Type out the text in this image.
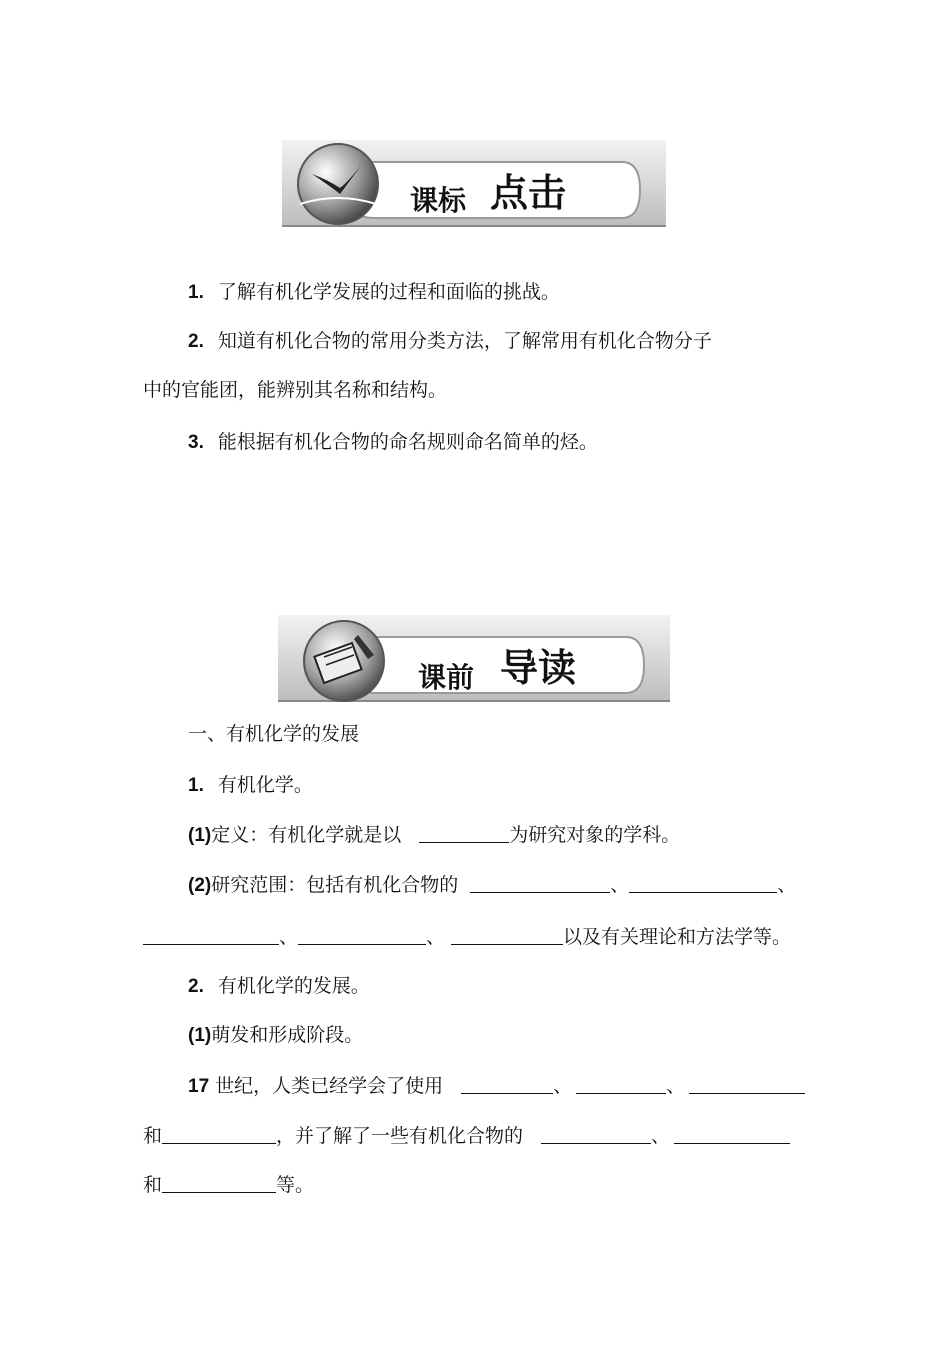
课标 点击
1. 了解有机化学发展的过程和面临的挑战。
2. 知道有机化合物的常用分类方法，了解常用有机化合物分子
中的官能团，能辨别其名称和结构。
3. 能根据有机化合物的命名规则命名简单的烃。
课前 导读
一、有机化学的发展
1. 有机化学。
(1)定义：有机化学就是以	为研究对象的学科。
(2)研究范围：包括有机化合物的	、	、
、	、	以及有关理论和方法学等。
2. 有机化学的发展。
(1)萌发和形成阶段。
17 世纪，人类已经学会了使用	、	、
和	，并了解了一些有机化合物的	、
和	等。
